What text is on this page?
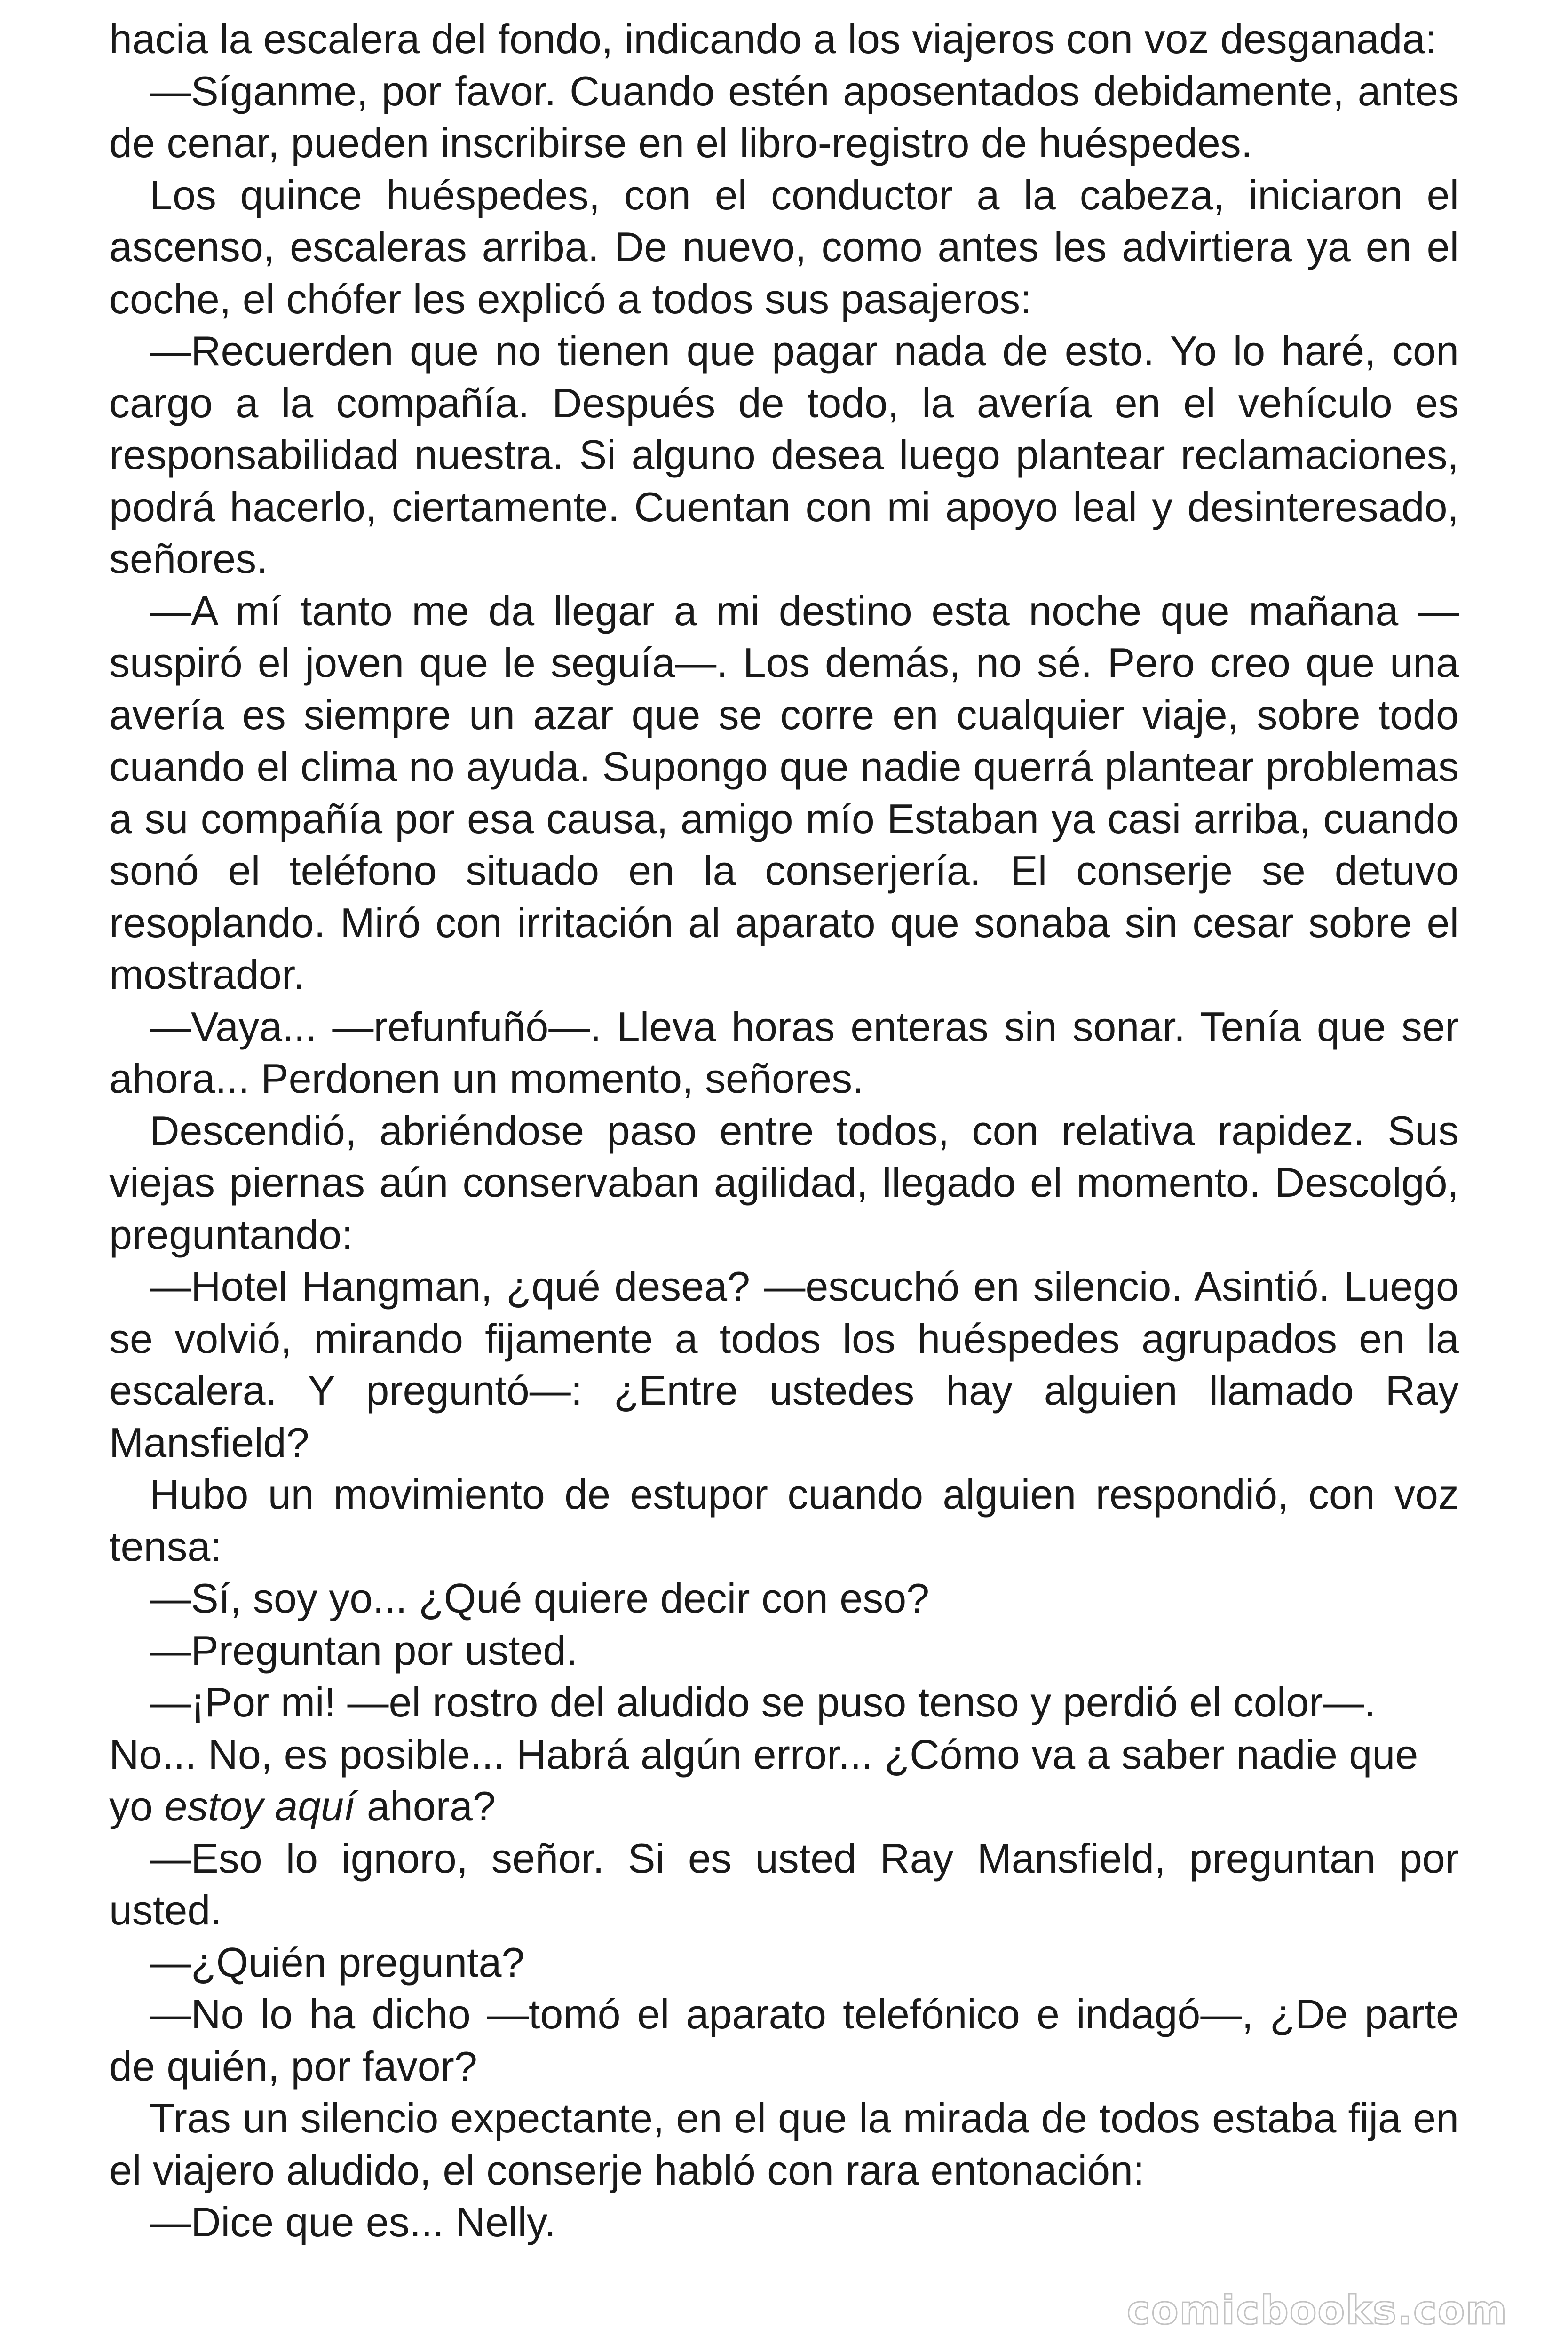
hacia la escalera del fondo, indicando a los viajeros con voz desganada:

—Síganme, por favor. Cuando estén aposentados debidamente, antes de cenar, pueden inscribirse en el libro-registro de huéspedes.

Los quince huéspedes, con el conductor a la cabeza, iniciaron el ascenso, escaleras arriba. De nuevo, como antes les advirtiera ya en el coche, el chófer les explicó a todos sus pasajeros:

—Recuerden que no tienen que pagar nada de esto. Yo lo haré, con cargo a la compañía. Después de todo, la avería en el vehículo es responsabilidad nuestra. Si alguno desea luego plantear reclamaciones, podrá hacerlo, ciertamente. Cuentan con mi apoyo leal y desinteresado, señores.

—A mí tanto me da llegar a mi destino esta noche que mañana —suspiró el joven que le seguía—. Los demás, no sé. Pero creo que una avería es siempre un azar que se corre en cualquier viaje, sobre todo cuando el clima no ayuda. Supongo que nadie querrá plantear problemas a su compañía por esa causa, amigo mío Estaban ya casi arriba, cuando sonó el teléfono situado en la conserjería. El conserje se detuvo resoplando. Miró con irritación al aparato que sonaba sin cesar sobre el mostrador.

—Vaya... —refunfuñó—. Lleva horas enteras sin sonar. Tenía que ser ahora... Perdonen un momento, señores.

Descendió, abriéndose paso entre todos, con relativa rapidez. Sus viejas piernas aún conservaban agilidad, llegado el momento. Descolgó, preguntando:

—Hotel Hangman, ¿qué desea? —escuchó en silencio. Asintió. Luego se volvió, mirando fijamente a todos los huéspedes agrupados en la escalera. Y preguntó—: ¿Entre ustedes hay alguien llamado Ray Mansfield?

Hubo un movimiento de estupor cuando alguien respondió, con voz tensa:

—Sí, soy yo... ¿Qué quiere decir con eso?

—Preguntan por usted.

—¡Por mi! —el rostro del aludido se puso tenso y perdió el color—. No... No, es posible... Habrá algún error... ¿Cómo va a saber nadie que yo estoy aquí ahora?

—Eso lo ignoro, señor. Si es usted Ray Mansfield, preguntan por usted.

—¿Quién pregunta?

—No lo ha dicho —tomó el aparato telefónico e indagó—, ¿De parte de quién, por favor?

Tras un silencio expectante, en el que la mirada de todos estaba fija en el viajero aludido, el conserje habló con rara entonación:

—Dice que es... Nelly.

comicbooks.com
